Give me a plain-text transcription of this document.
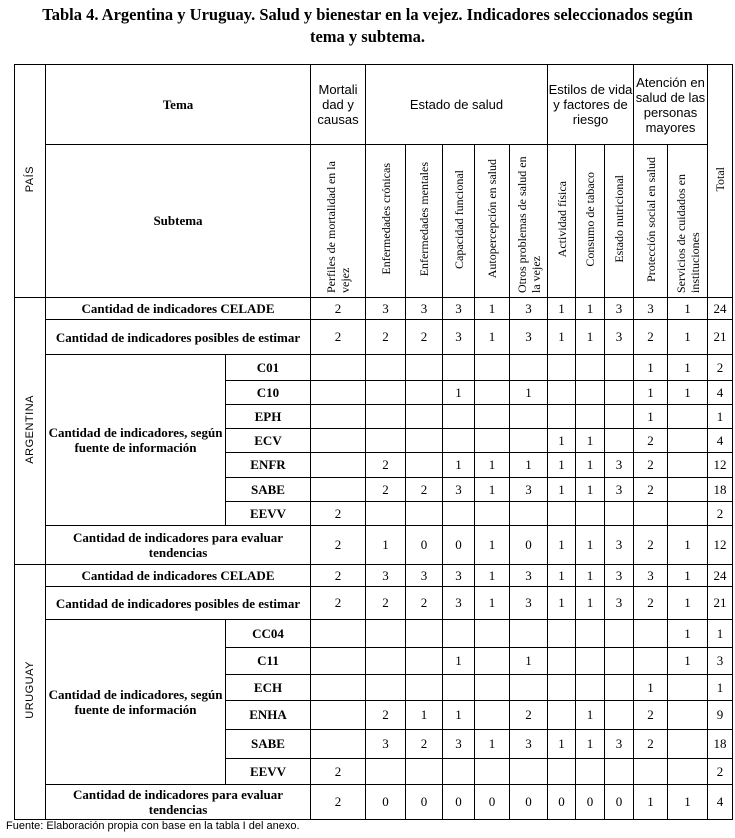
Tabla 4. Argentina y Uruguay. Salud y bienestar en la vejez. Indicadores seleccionados según
tema y subtema.
PAÍS	Tema		Mortali dad y causas	Estado de salud					Estilos de vida y factores de riesgo			Atención en salud de las personas mayores		Total
	Subtema		Perfiles de mortalidad en la vejez	Enfermedades crónicas	Enfermedades mentales	Capacidad funcional	Autopercepción en salud	Otros problemas de salud en la vejez	Actividad física	Consumo de tabaco	Estado nutricional	Protección social en salud	Servicios de cuidados en instituciones	
ARGENTINA	Cantidad de indicadores CELADE		2	3	3	3	1	3	1	1	3	3	1	24
	Cantidad de indicadores posibles de estimar		2	2	2	3	1	3	1	1	3	2	1	21
	Cantidad de indicadores, según fuente de información	C01										1	1	2
		C10				1		1				1	1	4
		EPH										1		1
		ECV							1	1		2		4
		ENFR		2		1	1	1	1	1	3	2		12
		SABE		2	2	3	1	3	1	1	3	2		18
		EEVV	2											2
	Cantidad de indicadores para evaluar tendencias		2	1	0	0	1	0	1	1	3	2	1	12
URUGUAY	Cantidad de indicadores CELADE		2	3	3	3	1	3	1	1	3	3	1	24
	Cantidad de indicadores posibles de estimar		2	2	2	3	1	3	1	1	3	2	1	21
	Cantidad de indicadores, según fuente de información	CC04											1	1
		C11				1		1					1	3
		ECH										1		1
		ENHA		2	1	1		2		1		2		9
		SABE		3	2	3	1	3	1	1	3	2		18
		EEVV	2											2
	Cantidad de indicadores para evaluar tendencias		2	0	0	0	0	0	0	0	0	1	1	4
Fuente: Elaboración propia con base en la tabla I del anexo.
